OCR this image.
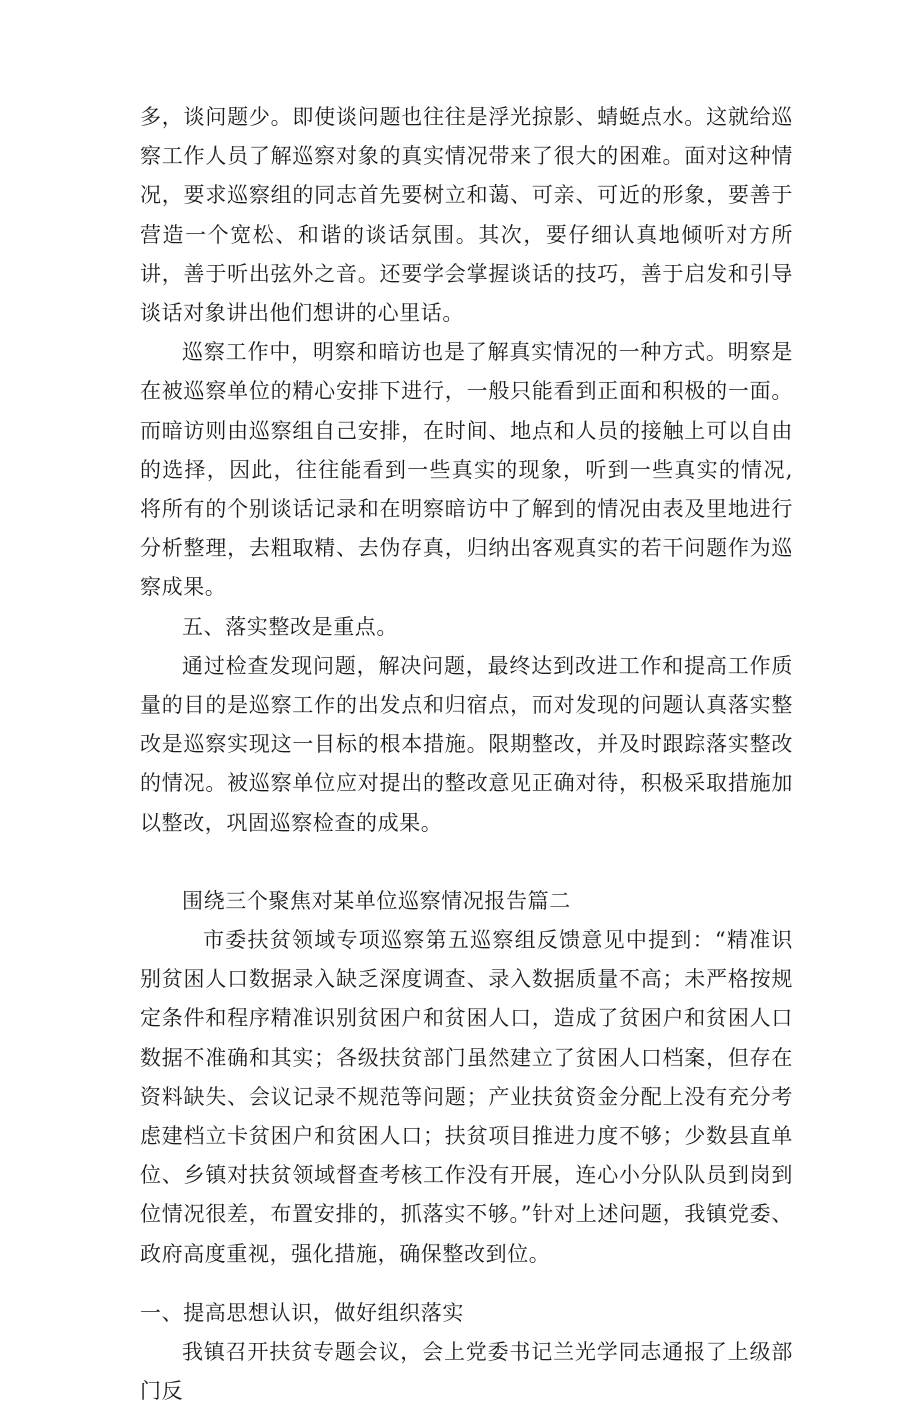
多，谈问题少。即使谈问题也往往是浮光掠影、蜻蜓点水。这就给巡察工作人员了解巡察对象的真实情况带来了很大的困难。面对这种情况，要求巡察组的同志首先要树立和蔼、可亲、可近的形象，要善于营造一个宽松、和谐的谈话氛围。其次，要仔细认真地倾听对方所讲，善于听出弦外之音。还要学会掌握谈话的技巧，善于启发和引导谈话对象讲出他们想讲的心里话。

巡察工作中，明察和暗访也是了解真实情况的一种方式。明察是在被巡察单位的精心安排下进行，一般只能看到正面和积极的一面。而暗访则由巡察组自己安排，在时间、地点和人员的接触上可以自由的选择，因此，往往能看到一些真实的现象，听到一些真实的情况,将所有的个别谈话记录和在明察暗访中了解到的情况由表及里地进行分析整理，去粗取精、去伪存真，归纳出客观真实的若干问题作为巡察成果。

五、落实整改是重点。

通过检查发现问题，解决问题，最终达到改进工作和提高工作质量的目的是巡察工作的出发点和归宿点，而对发现的问题认真落实整改是巡察实现这一目标的根本措施。限期整改，并及时跟踪落实整改的情况。被巡察单位应对提出的整改意见正确对待，积极采取措施加以整改，巩固巡察检查的成果。

围绕三个聚焦对某单位巡察情况报告篇二

市委扶贫领域专项巡察第五巡察组反馈意见中提到：“精准识别贫困人口数据录入缺乏深度调查、录入数据质量不高；未严格按规定条件和程序精准识别贫困户和贫困人口，造成了贫困户和贫困人口数据不准确和其实；各级扶贫部门虽然建立了贫困人口档案，但存在资料缺失、会议记录不规范等问题；产业扶贫资金分配上没有充分考虑建档立卡贫困户和贫困人口；扶贫项目推进力度不够；少数县直单位、乡镇对扶贫领域督查考核工作没有开展，连心小分队队员到岗到位情况很差，布置安排的，抓落实不够。”针对上述问题，我镇党委、政府高度重视，强化措施，确保整改到位。

一、提高思想认识，做好组织落实

我镇召开扶贫专题会议，会上党委书记兰光学同志通报了上级部门反
